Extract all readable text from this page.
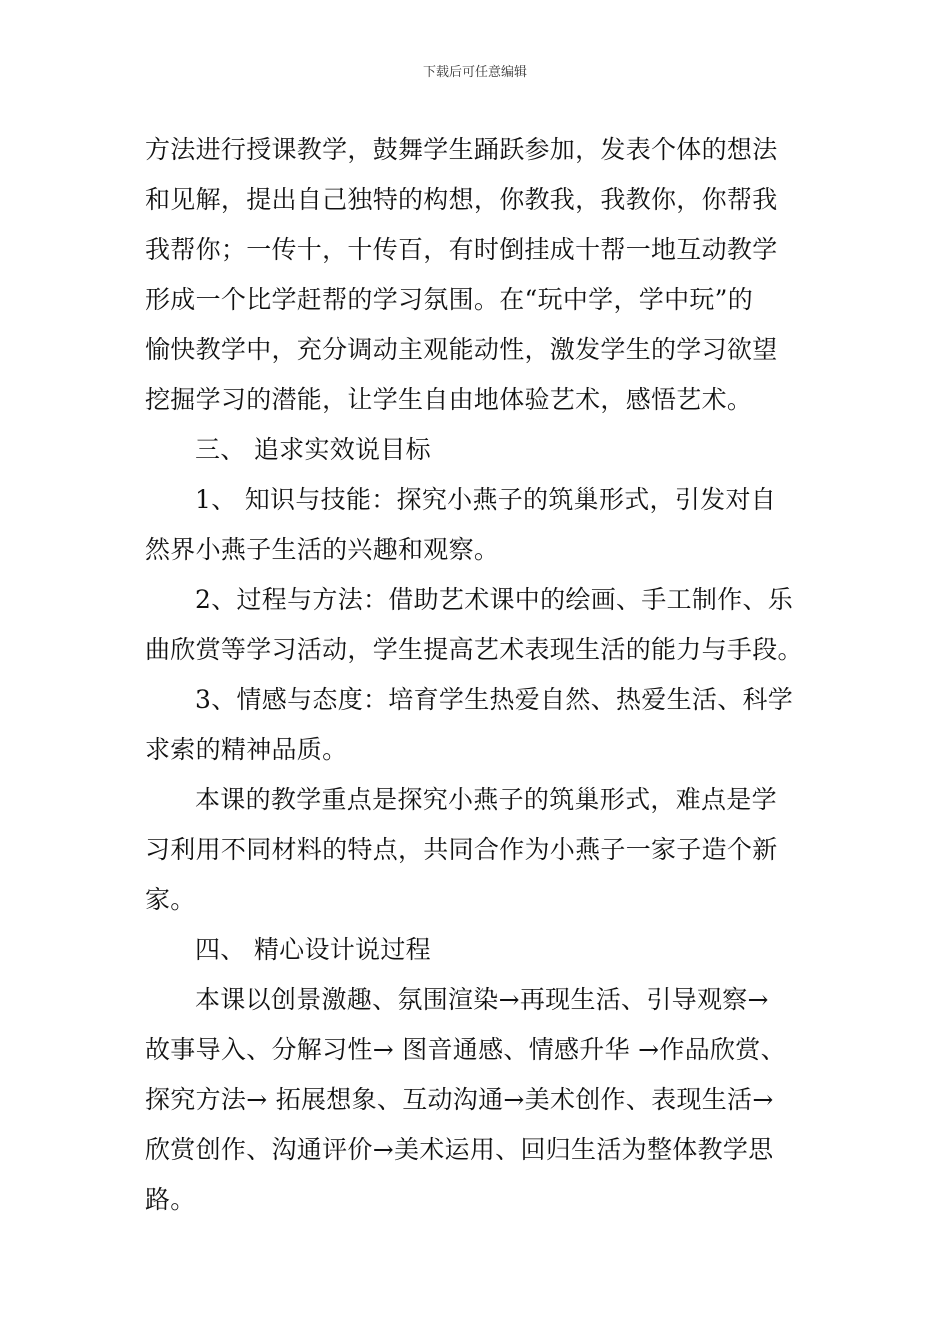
下载后可任意编辑
方法进行授课教学，鼓舞学生踊跃参加，发表个体的想法
和见解，提出自己独特的构想，你教我，我教你，你帮我
我帮你；一传十，十传百，有时倒挂成十帮一地互动教学
形成一个比学赶帮的学习氛围。在“玩中学，学中玩”的
愉快教学中，充分调动主观能动性，激发学生的学习欲望
挖掘学习的潜能，让学生自由地体验艺术，感悟艺术。
三、 追求实效说目标
1、 知识与技能：探究小燕子的筑巢形式，引发对自
然界小燕子生活的兴趣和观察。
2、过程与方法：借助艺术课中的绘画、手工制作、乐
曲欣赏等学习活动，学生提高艺术表现生活的能力与手段。
3、情感与态度：培育学生热爱自然、热爱生活、科学
求索的精神品质。
本课的教学重点是探究小燕子的筑巢形式，难点是学
习利用不同材料的特点，共同合作为小燕子一家子造个新
家。
四、 精心设计说过程
本课以创景激趣、氛围渲染→再现生活、引导观察→
故事导入、分解习性→ 图音通感、情感升华 →作品欣赏、
探究方法→ 拓展想象、互动沟通→美术创作、表现生活→
欣赏创作、沟通评价→美术运用、回归生活为整体教学思
路。
